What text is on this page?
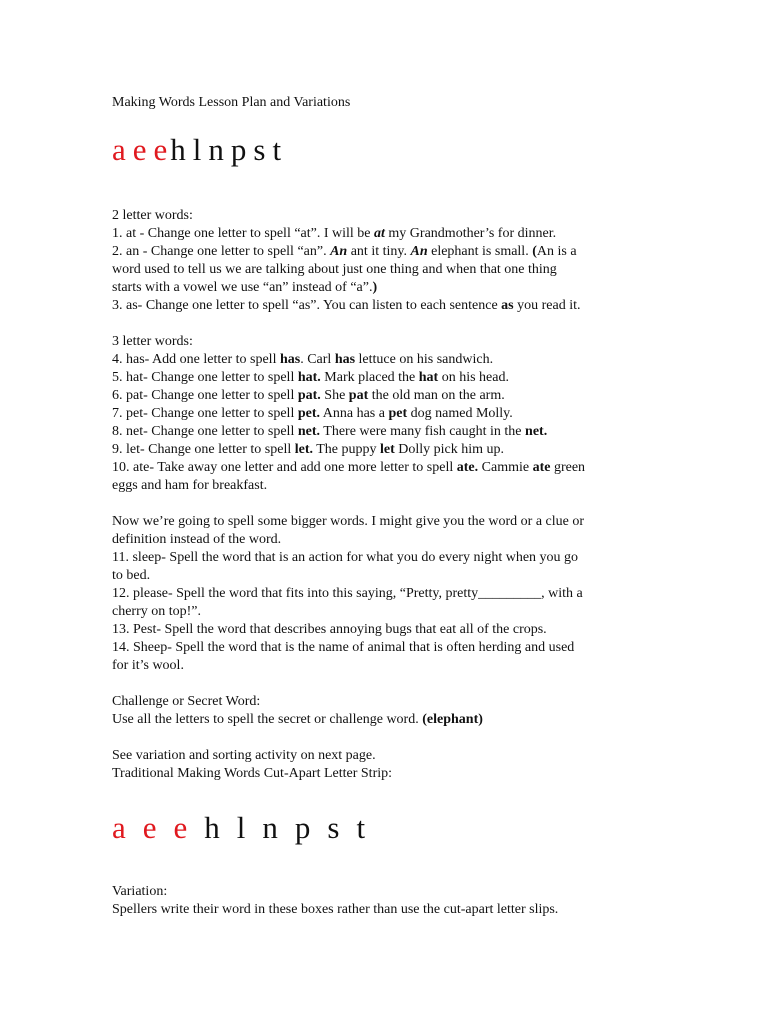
Making Words Lesson Plan and Variations
a e eh l n p s t
2 letter words:
1. at - Change one letter to spell “at”. I will be at my Grandmother’s for dinner.
2. an - Change one letter to spell “an”. An ant it tiny. An elephant is small. (An is a
word used to tell us we are talking about just one thing and when that one thing
starts with a vowel we use “an” instead of “a”.)
3. as- Change one letter to spell “as”. You can listen to each sentence as you read it.
3 letter words:
4. has- Add one letter to spell has. Carl has lettuce on his sandwich.
5. hat- Change one letter to spell hat. Mark placed the hat on his head.
6. pat- Change one letter to spell pat. She pat the old man on the arm.
7. pet- Change one letter to spell pet. Anna has a pet dog named Molly.
8. net- Change one letter to spell net. There were many fish caught in the net.
9. let- Change one letter to spell let. The puppy let Dolly pick him up.
10. ate- Take away one letter and add one more letter to spell ate. Cammie ate green
eggs and ham for breakfast.
Now we’re going to spell some bigger words. I might give you the word or a clue or
definition instead of the word.
11. sleep- Spell the word that is an action for what you do every night when you go
to bed.
12. please- Spell the word that fits into this saying, “Pretty, pretty_________, with a
cherry on top!”.
13. Pest- Spell the word that describes annoying bugs that eat all of the crops.
14. Sheep- Spell the word that is the name of animal that is often herding and used
for it’s wool.
Challenge or Secret Word:
Use all the letters to spell the secret or challenge word. (elephant)
See variation and sorting activity on next page.
Traditional Making Words Cut-Apart Letter Strip:
a e e h l n p s t
Variation:
Spellers write their word in these boxes rather than use the cut-apart letter slips.
